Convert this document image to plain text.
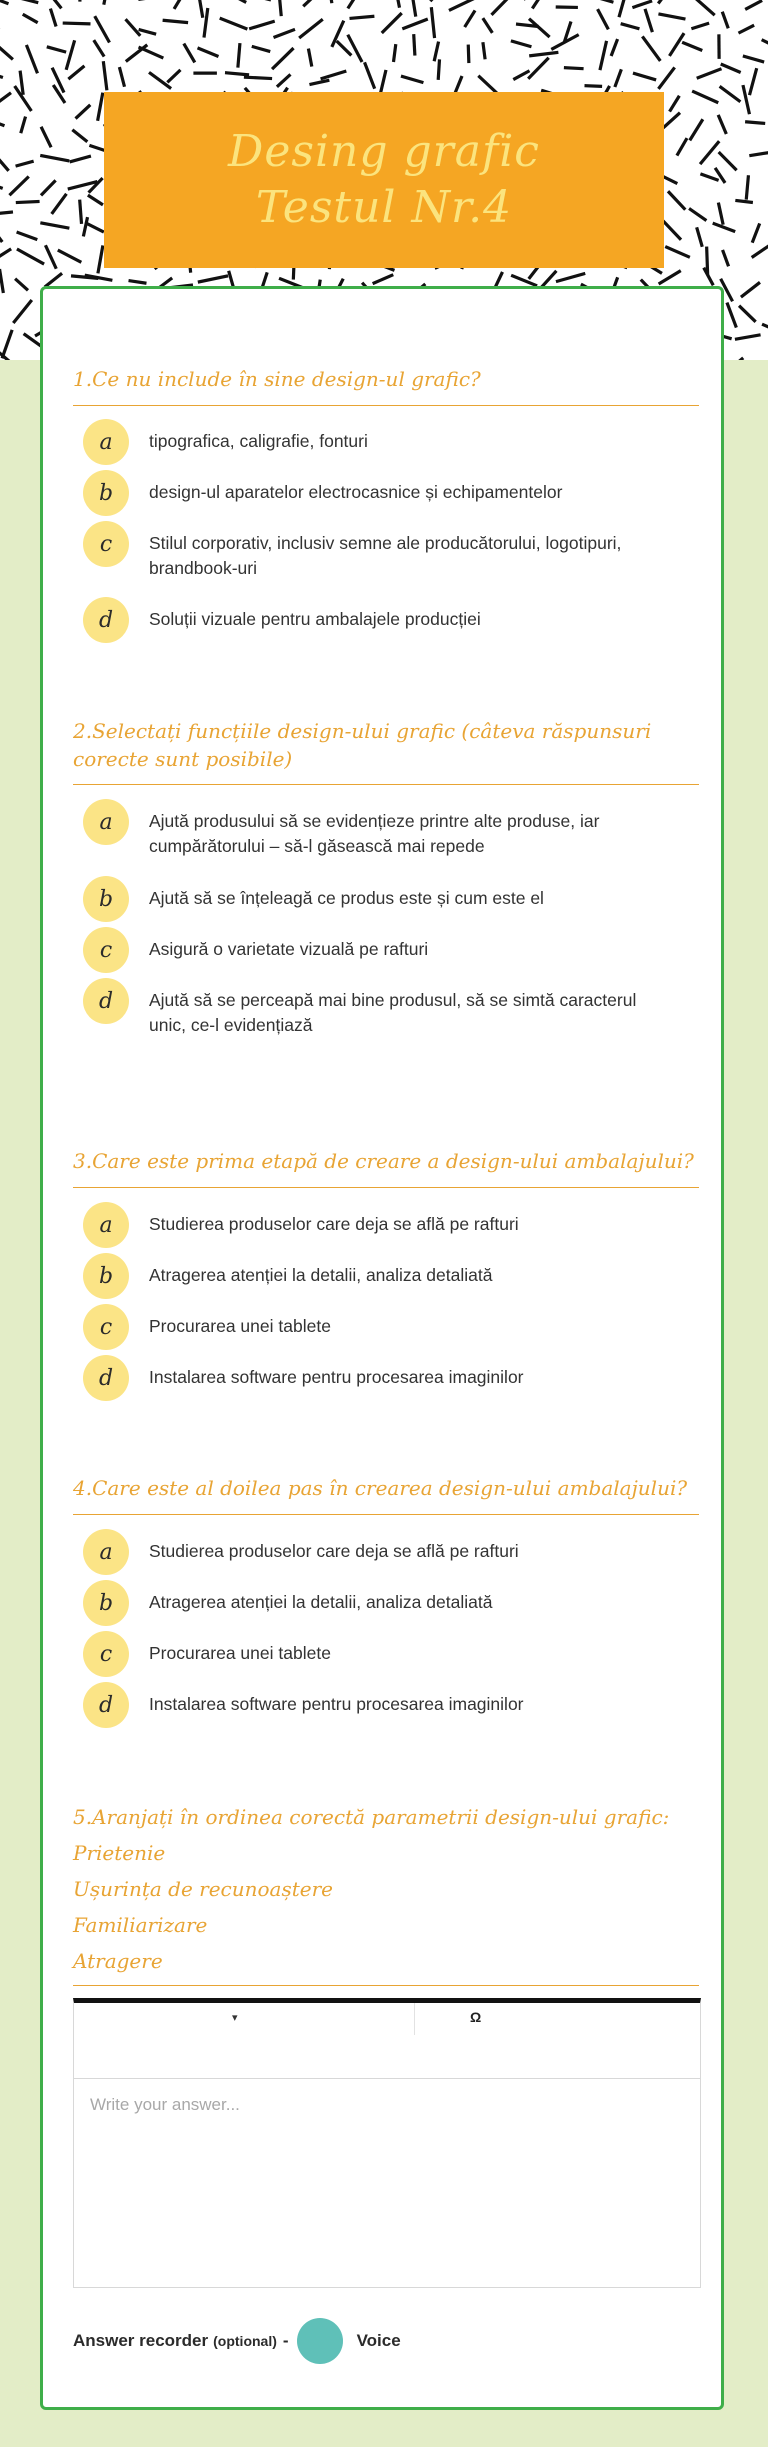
Desing grafic
Testul Nr.4
1.Ce nu include în sine design-ul grafic?
a	tipografica, caligrafie, fonturi
b	design-ul aparatelor electrocasnice și echipamentelor
c	Stilul corporativ, inclusiv semne ale producătorului, logotipuri, brandbook-uri
d	Soluții vizuale pentru ambalajele producției
2.Selectați funcțiile design-ului grafic (câteva răspunsuri corecte sunt posibile)
a	Ajută produsului să se evidențieze printre alte produse, iar cumpărătorului – să-l găsească mai repede
b	Ajută să se înțeleagă ce produs este și cum este el
c	Asigură o varietate vizuală pe rafturi
d	Ajută să se perceapă mai bine produsul, să se simtă caracterul unic, ce-l evidențiază
3.Care este prima etapă de creare a design-ului ambalajului?
a	Studierea produselor care deja se află pe rafturi
b	Atragerea atenției la detalii, analiza detaliată
c	Procurarea unei tablete
d	Instalarea software pentru procesarea imaginilor
4.Care este al doilea pas în crearea design-ului ambalajului?
a	Studierea produselor care deja se află pe rafturi
b	Atragerea atenției la detalii, analiza detaliată
c	Procurarea unei tablete
d	Instalarea software pentru procesarea imaginilor
5.Aranjați în ordinea corectă parametrii design-ului grafic:
Prietenie
Ușurința de recunoaștere
Familiarizare
Atragere
▾	Ω
Write your answer...
Answer recorder (optional) -	Voice
